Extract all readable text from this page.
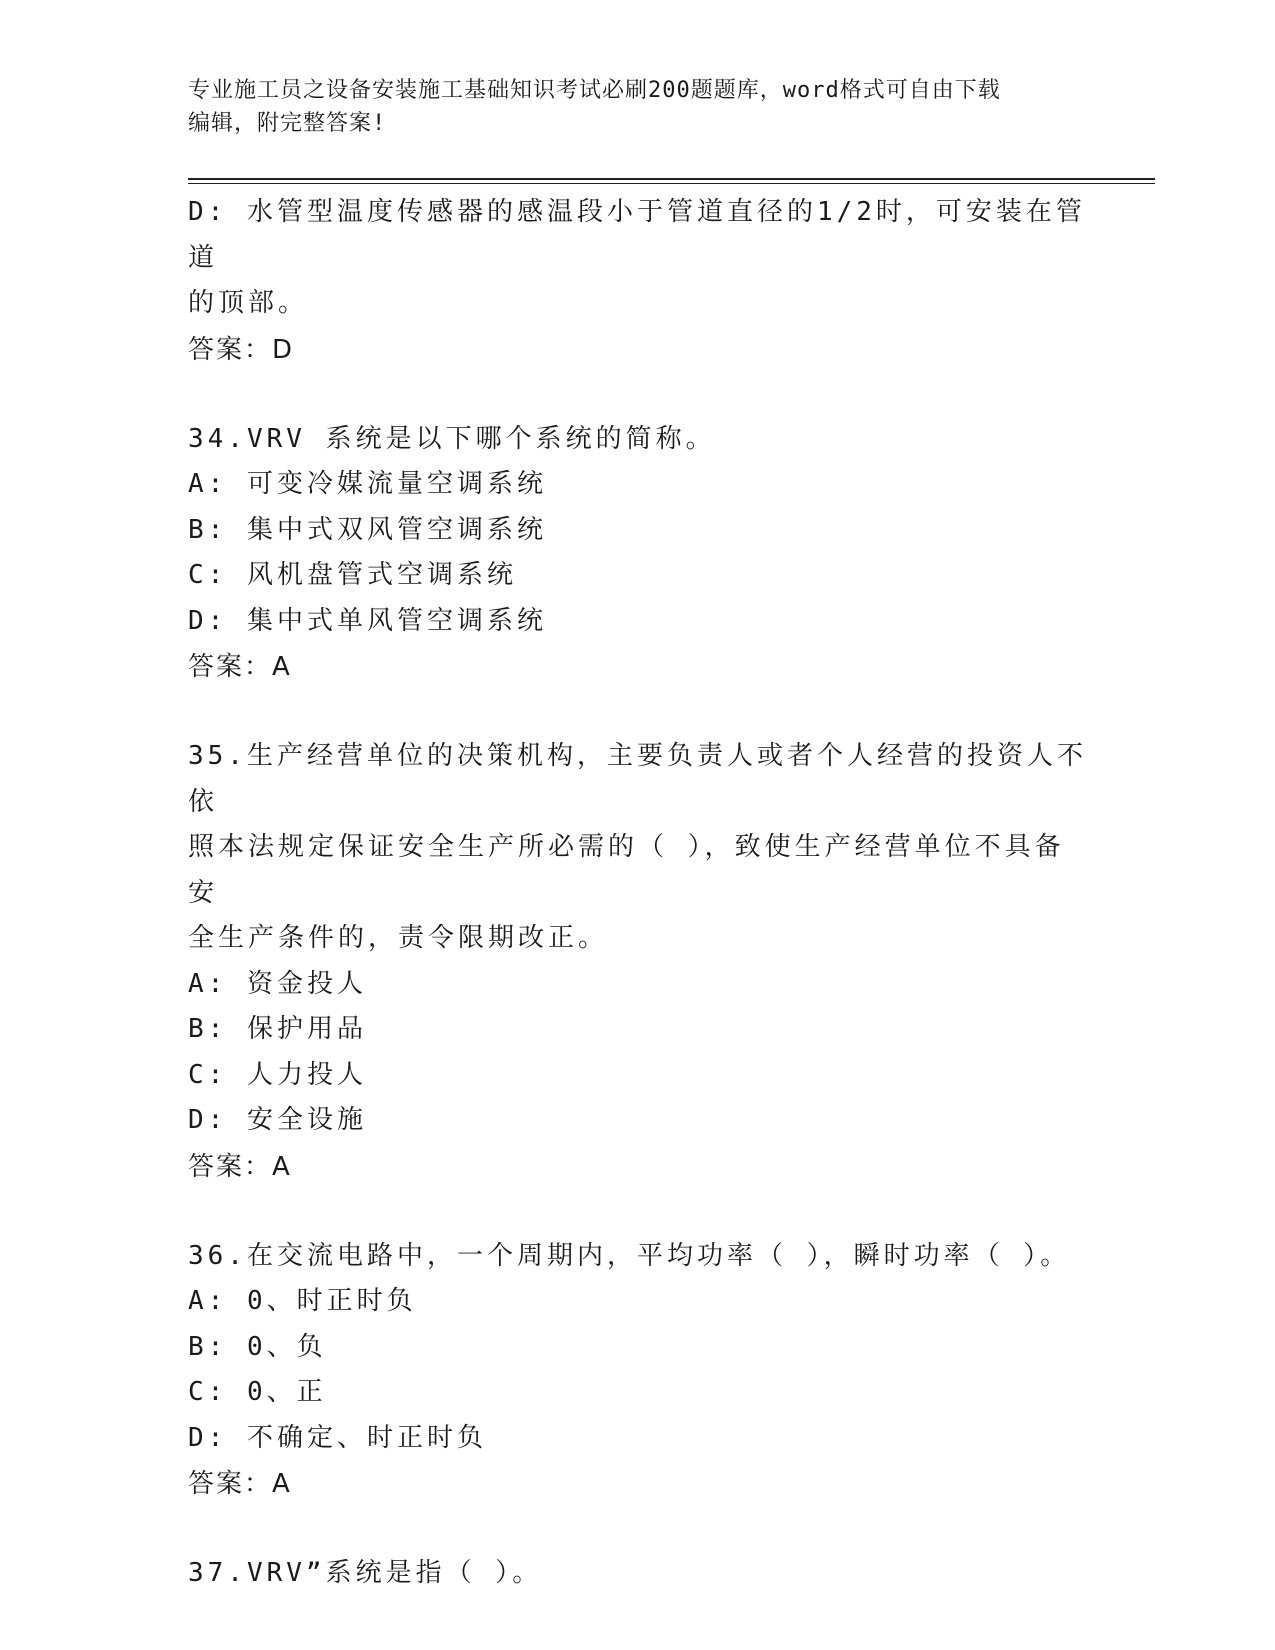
专业施工员之设备安装施工基础知识考试必刷200题题库，word格式可自由下载
编辑，附完整答案!
D: 水管型温度传感器的感温段小于管道直径的1/2时，可安装在管道
的顶部。
答案：D
34.VRV 系统是以下哪个系统的简称。
A: 可变冷媒流量空调系统
B: 集中式双风管空调系统
C: 风机盘管式空调系统
D: 集中式单风管空调系统
答案：A
35.生产经营单位的决策机构，主要负责人或者个人经营的投资人不依
照本法规定保证安全生产所必需的（ ），致使生产经营单位不具备安
全生产条件的，责令限期改正。
A: 资金投人
B: 保护用品
C: 人力投人
D: 安全设施
答案：A
36.在交流电路中，一个周期内，平均功率（ ），瞬时功率（ ）。
A: 0、时正时负
B: 0、负
C: 0、正
D: 不确定、时正时负
答案：A
37.VRV”系统是指（ ）。
